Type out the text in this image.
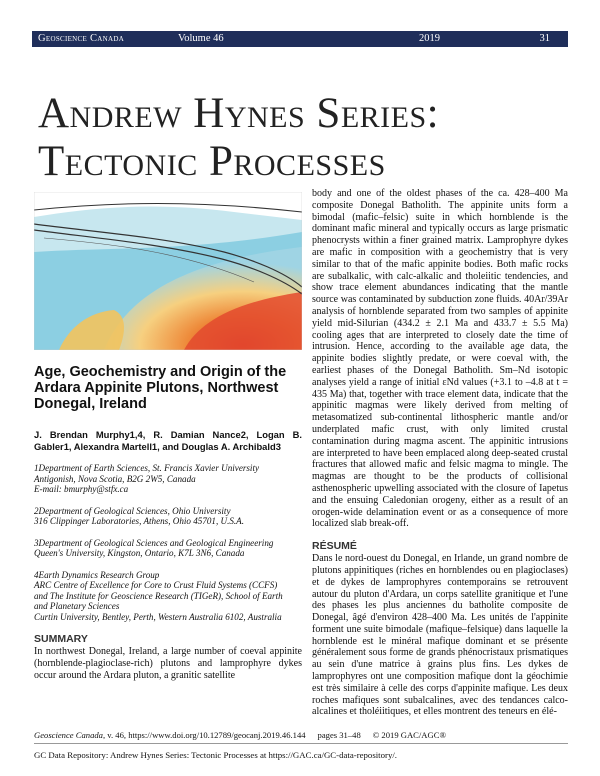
Geoscience Canada	Volume 46	2019	31
Andrew Hynes Series:
Tectonic Processes

Age, Geochemistry and Origin of the Ardara Appinite Plutons, Northwest Donegal, Ireland

J. Brendan Murphy1,4, R. Damian Nance2, Logan B. Gabler1, Alexandra Martell1, and Douglas A. Archibald3

1Department of Earth Sciences, St. Francis Xavier University
Antigonish, Nova Scotia, B2G 2W5, Canada
E-mail: bmurphy@stfx.ca
2Department of Geological Sciences, Ohio University
316 Clippinger Laboratories, Athens, Ohio 45701, U.S.A.
3Department of Geological Sciences and Geological Engineering
Queen's University, Kingston, Ontario, K7L 3N6, Canada
4Earth Dynamics Research Group
ARC Centre of Excellence for Core to Crust Fluid Systems (CCFS)
and The Institute for Geoscience Research (TIGeR), School of Earth
and Planetary Sciences
Curtin University, Bentley, Perth, Western Australia 6102, Australia
SUMMARY

In northwest Donegal, Ireland, a large number of coeval appinite (hornblende-plagioclase-rich) plutons and lamprophyre dykes occur around the Ardara pluton, a granitic satellite

body and one of the oldest phases of the ca. 428–400 Ma composite Donegal Batholith. The appinite units form a bimodal (mafic–felsic) suite in which hornblende is the dominant mafic mineral and typically occurs as large prismatic phenocrysts within a finer grained matrix. Lamprophyre dykes are mafic in composition with a geochemistry that is very similar to that of the mafic appinite bodies. Both mafic rocks are subalkalic, with calc-alkalic and tholeiitic tendencies, and show trace element abundances indicating that the mantle source was contaminated by subduction zone fluids. 40Ar/39Ar analysis of hornblende separated from two samples of appinite yield mid-Silurian (434.2 ± 2.1 Ma and 433.7 ± 5.5 Ma) cooling ages that are interpreted to closely date the time of intrusion. Hence, according to the available age data, the appinite bodies slightly predate, or were coeval with, the earliest phases of the Donegal Batholith. Sm–Nd isotopic analyses yield a range of initial εNd values (+3.1 to –4.8 at t = 435 Ma) that, together with trace element data, indicate that the appinitic magmas were likely derived from melting of metasomatized sub-continental lithospheric mantle and/or underplated mafic crust, with only limited crustal contamination during magma ascent. The appinitic intrusions are interpreted to have been emplaced along deep-seated crustal fractures that allowed mafic and felsic magma to mingle. The magmas are thought to be the products of collisional asthenospheric upwelling associated with the closure of Iapetus and the ensuing Caledonian orogeny, either as a result of an orogen-wide delamination event or as a consequence of more localized slab break-off.

RÉSUMÉ

Dans le nord-ouest du Donegal, en Irlande, un grand nombre de plutons appinitiques (riches en hornblendes ou en plagioclases) et de dykes de lamprophyres contemporains se retrouvent autour du pluton d'Ardara, un corps satellite granitique et l'une des phases les plus anciennes du batholite composite de Donegal, âgé d'environ 428–400 Ma. Les unités de l'appinite forment une suite bimodale (mafique–felsique) dans laquelle la hornblende est le minéral mafique dominant et se présente généralement sous forme de grands phénocristaux prismatiques au sein d'une matrice à grains plus fins. Les dykes de lamprophyres ont une composition mafique dont la géochimie est très similaire à celle des corps d'appinite mafique. Les deux roches mafiques sont subalcalines, avec des tendances calco-alcalines et tholéiitiques, et elles montrent des teneurs en élé-

Geoscience Canada, v. 46, https://www.doi.org/10.12789/geocanj.2019.46.144 pages 31–48 © 2019 GAC/AGC®
GC Data Repository: Andrew Hynes Series: Tectonic Processes at https://GAC.ca/GC-data-repository/.
